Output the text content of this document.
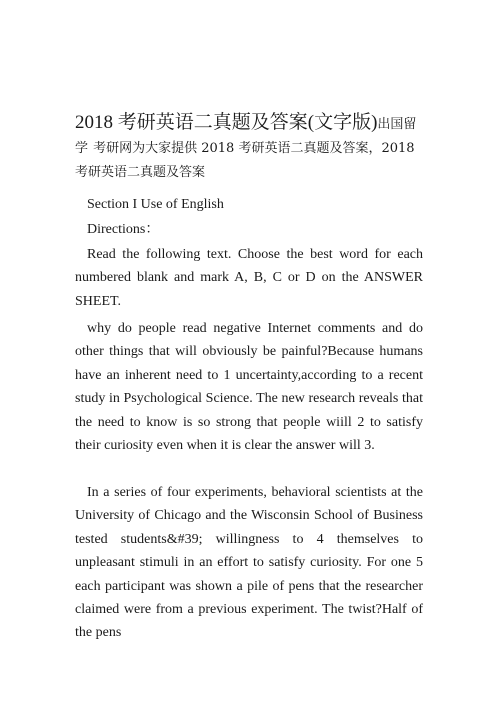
2018 考研英语二真题及答案(文字版)出国留学 考研网为大家提供 2018 考研英语二真题及答案，2018 考研英语二真题及答案
Section I Use of English
Directions：
Read the following text. Choose the best word for each numbered blank and mark A, B, C or D on the ANSWER SHEET.
why do people read negative Internet comments and do other things that will obviously be painful?Because humans have an inherent need to 1 uncertainty,according to a recent study in Psychological Science. The new research reveals that the need to know is so strong that people wiill 2 to satisfy their curiosity even when it is clear the answer will 3.
In a series of four experiments, behavioral scientists at the University of Chicago and the Wisconsin School of Business tested students&#39; willingness to 4 themselves to unpleasant stimuli in an effort to satisfy curiosity. For one 5 each participant was shown a pile of pens that the researcher claimed were from a previous experiment. The twist?Half of the pens
